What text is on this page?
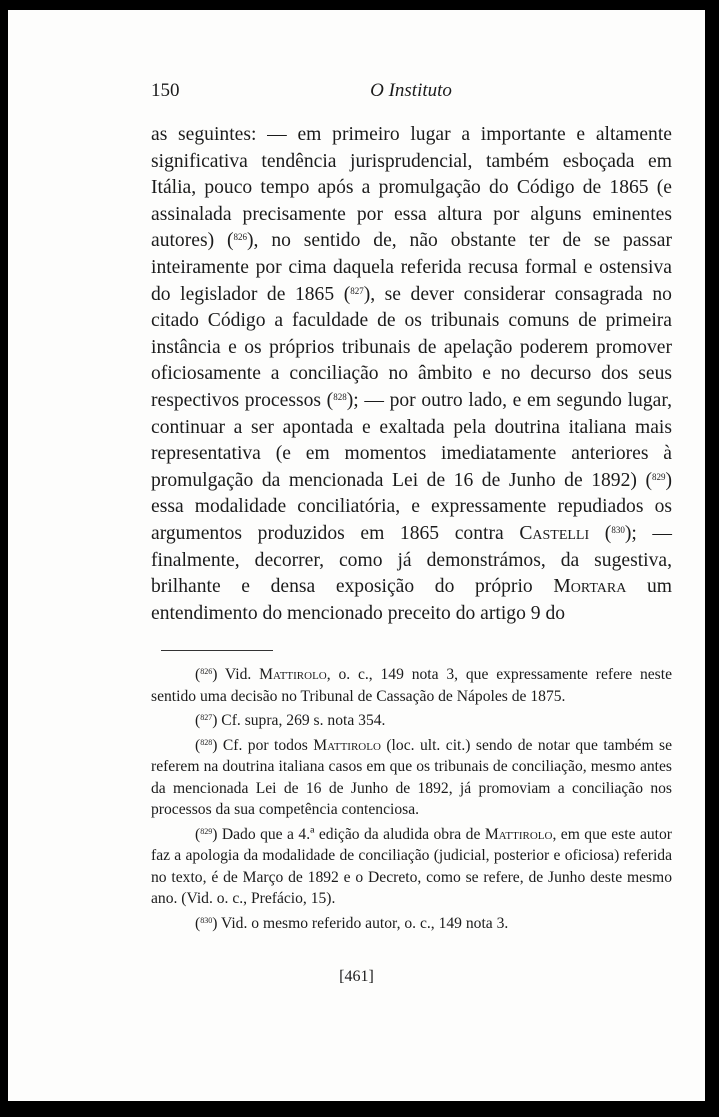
150	O Instituto

as seguintes: — em primeiro lugar a importante e altamente significativa tendência jurisprudencial, também esboçada em Itália, pouco tempo após a promulgação do Código de 1865 (e assinalada precisamente por essa altura por alguns eminentes autores) ($^{826}$), no sentido de, não obstante ter de se passar inteiramente por cima daquela referida recusa formal e ostensiva do legislador de 1865 ($^{827}$), se dever considerar consagrada no citado Código a faculdade de os tribunais comuns de primeira instância e os próprios tribunais de apelação poderem promover oficiosamente a conciliação no âmbito e no decurso dos seus respectivos processos ($^{828}$); — por outro lado, e em segundo lugar, continuar a ser apontada e exaltada pela doutrina italiana mais representativa (e em momentos imediatamente anteriores à promulgação da mencionada Lei de 16 de Junho de 1892) ($^{829}$) essa modalidade conciliatória, e expressamente repudiados os argumentos produzidos em 1865 contra Castelli ($^{830}$); — finalmente, decorrer, como já demonstrámos, da sugestiva, brilhante e densa exposição do próprio Mortara um entendimento do mencionado preceito do artigo 9 do

($^{826}$) Vid. Mattirolo, o. c., 149 nota 3, que expressamente refere neste sentido uma decisão no Tribunal de Cassação de Nápoles de 1875.

($^{827}$) Cf. supra, 269 s. nota 354.

($^{828}$) Cf. por todos Mattirolo (loc. ult. cit.) sendo de notar que também se referem na doutrina italiana casos em que os tribunais de conciliação, mesmo antes da mencionada Lei de 16 de Junho de 1892, já promoviam a conciliação nos processos da sua competência contenciosa.

($^{829}$) Dado que a 4.ª edição da aludida obra de Mattirolo, em que este autor faz a apologia da modalidade de conciliação (judicial, posterior e oficiosa) referida no texto, é de Março de 1892 e o Decreto, como se refere, de Junho deste mesmo ano. (Vid. o. c., Prefácio, 15).

($^{830}$) Vid. o mesmo referido autor, o. c., 149 nota 3.

[461]
